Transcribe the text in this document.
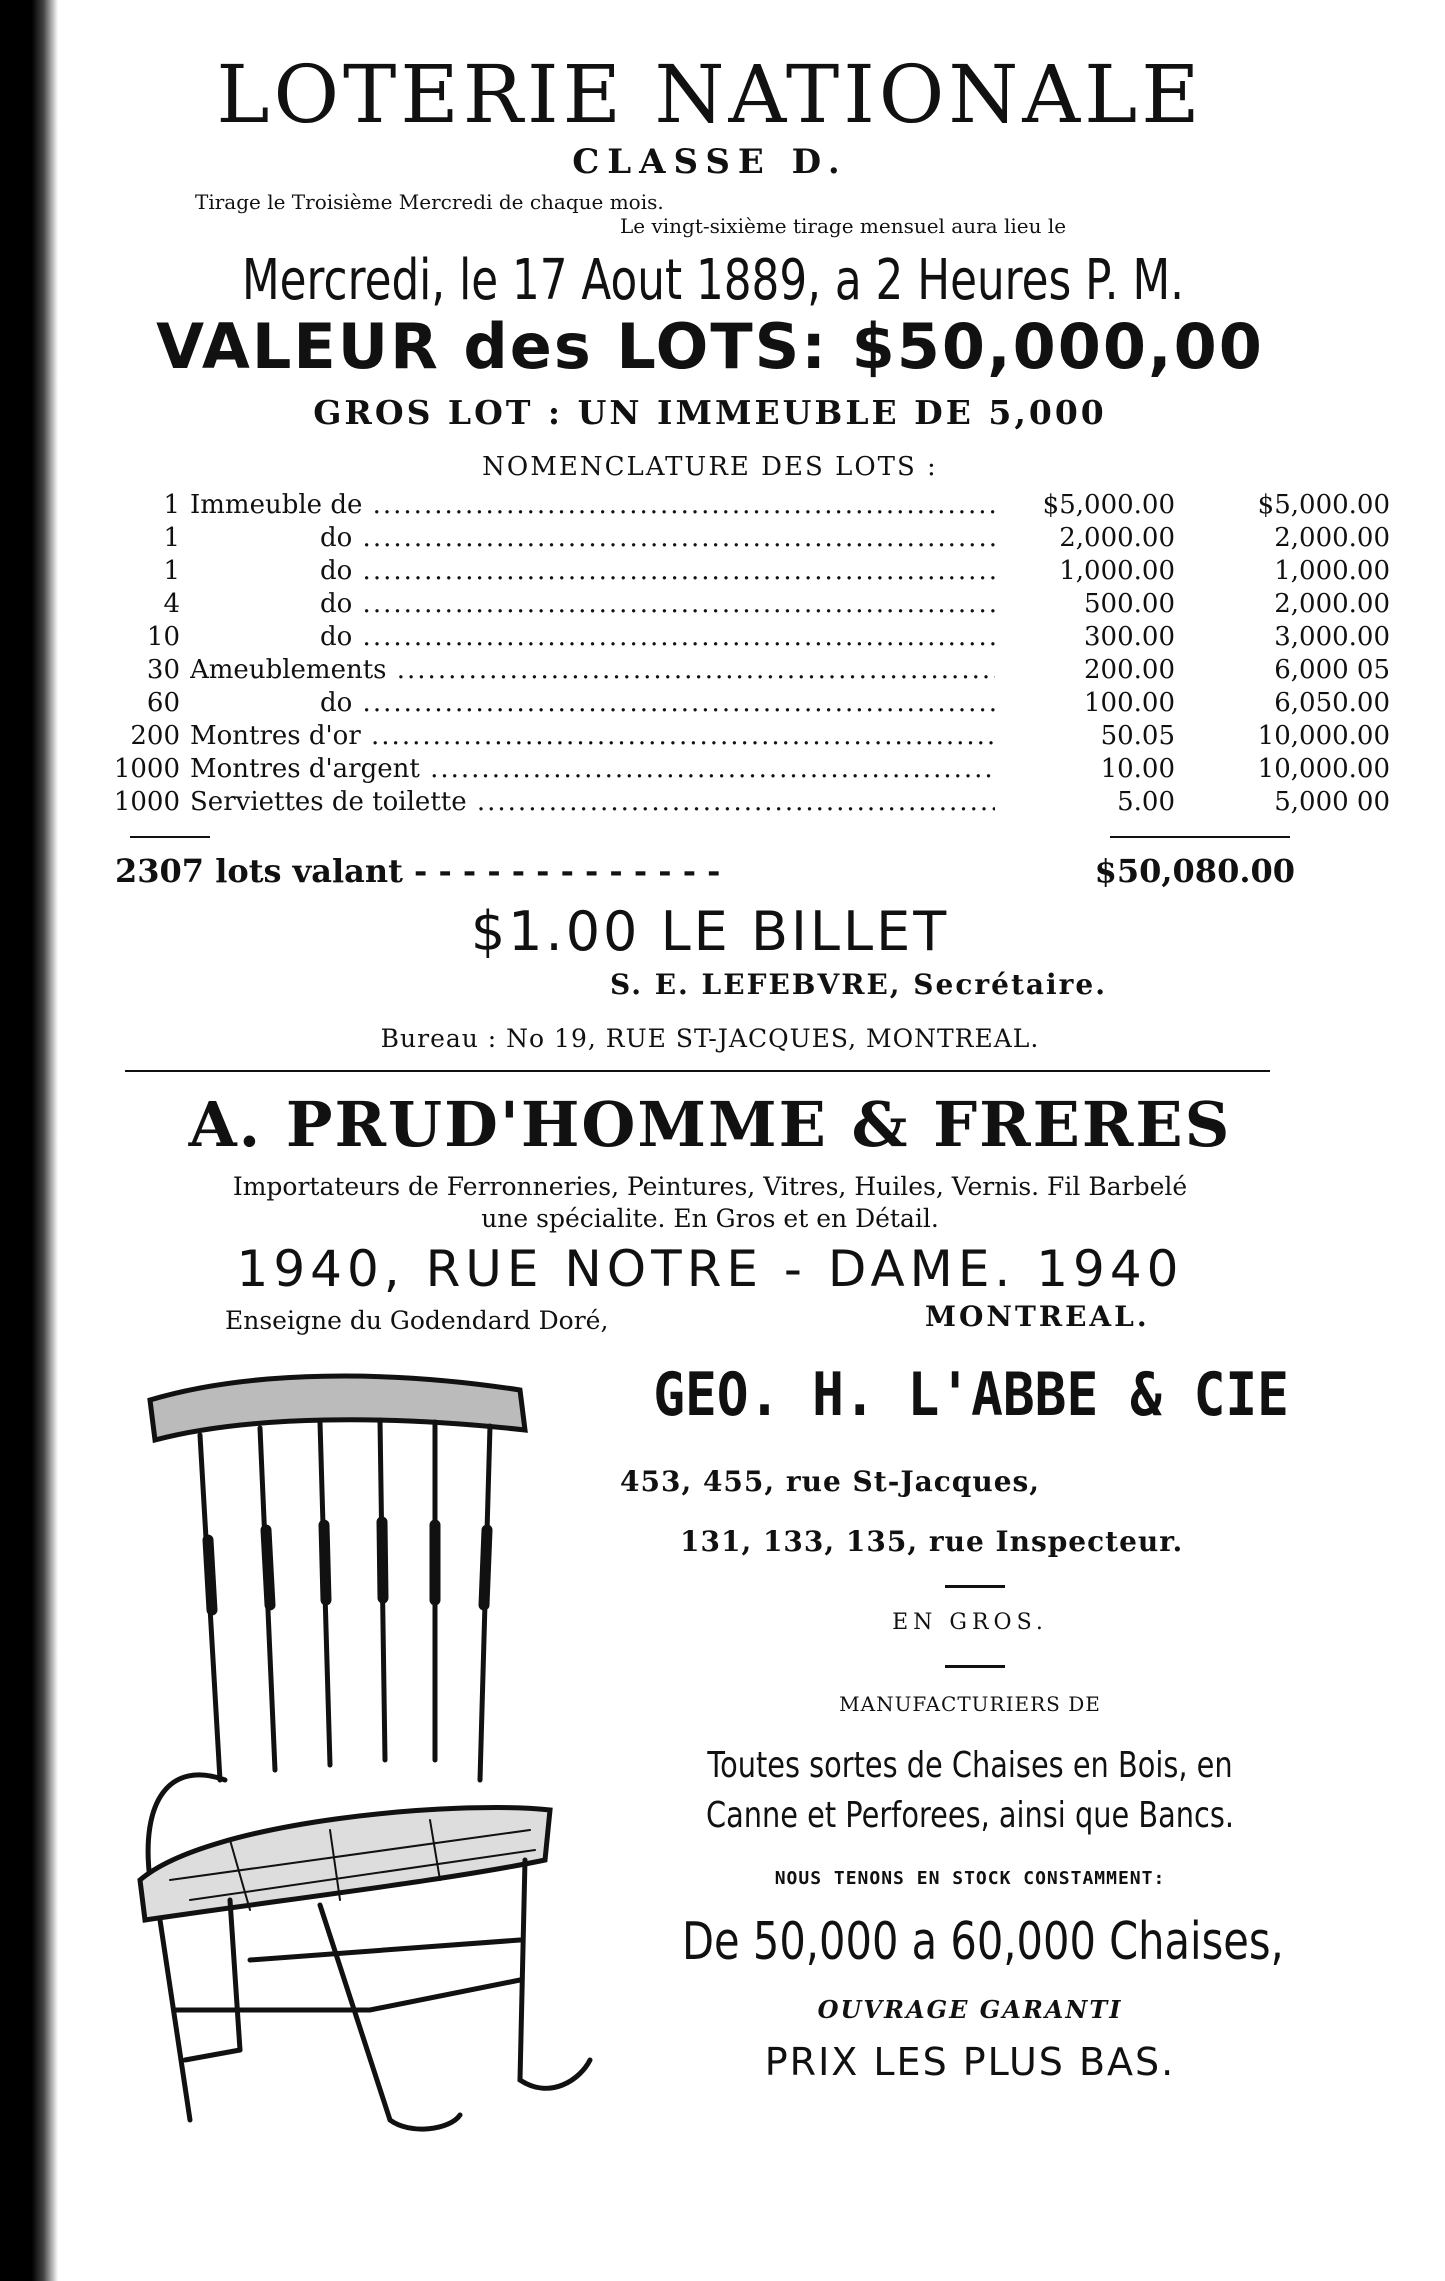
LOTERIE NATIONALE
CLASSE D.
Tirage le Troisième Mercredi de chaque mois.
Le vingt-sixième tirage mensuel aura lieu le
Mercredi, le 17 Aout 1889, a 2 Heures P. M.
VALEUR des LOTS: $50,000,00
GROS LOT : UN IMMEUBLE DE 5,000
NOMENCLATURE DES LOTS :
1 Immeuble de .....	$5,000.00	$5,000.00
1	do .....	2,000.00	2,000.00
1	do .....	1,000.00	1,000.00
4	do .....	500.00	2,000.00
10	do .....	300.00	3,000.00
30 Ameublements .....	200.00	6,000 05
60	do .....	100.00	6,050.00
200 Montres d'or .....	50.05	10,000.00
1000 Montres d'argent .....	10.00	10,000.00
1000 Serviettes de toilette .....	5.00	5,000 00
2307 lots valant - - - - - - - - - - - - -	$50,080.00
$1.00 LE BILLET
S. E. LEFEBVRE, Secrétaire.
Bureau : No 19, RUE ST-JACQUES, MONTREAL.
A. PRUD'HOMME & FRERES
Importateurs de Ferronneries, Peintures, Vitres, Huiles, Vernis. Fil Barbelé
une spécialite. En Gros et en Détail.
1940, RUE NOTRE - DAME. 1940
Enseigne du Godendard Doré,	MONTREAL.
GEO. H. L'ABBE & CIE
453, 455, rue St-Jacques,
131, 133, 135, rue Inspecteur.
EN GROS.
MANUFACTURIERS DE
Toutes sortes de Chaises en Bois, en
Canne et Perforees, ainsi que Bancs.
NOUS TENONS EN STOCK CONSTAMMENT:
De 50,000 a 60,000 Chaises,
OUVRAGE GARANTI
PRIX LES PLUS BAS.
